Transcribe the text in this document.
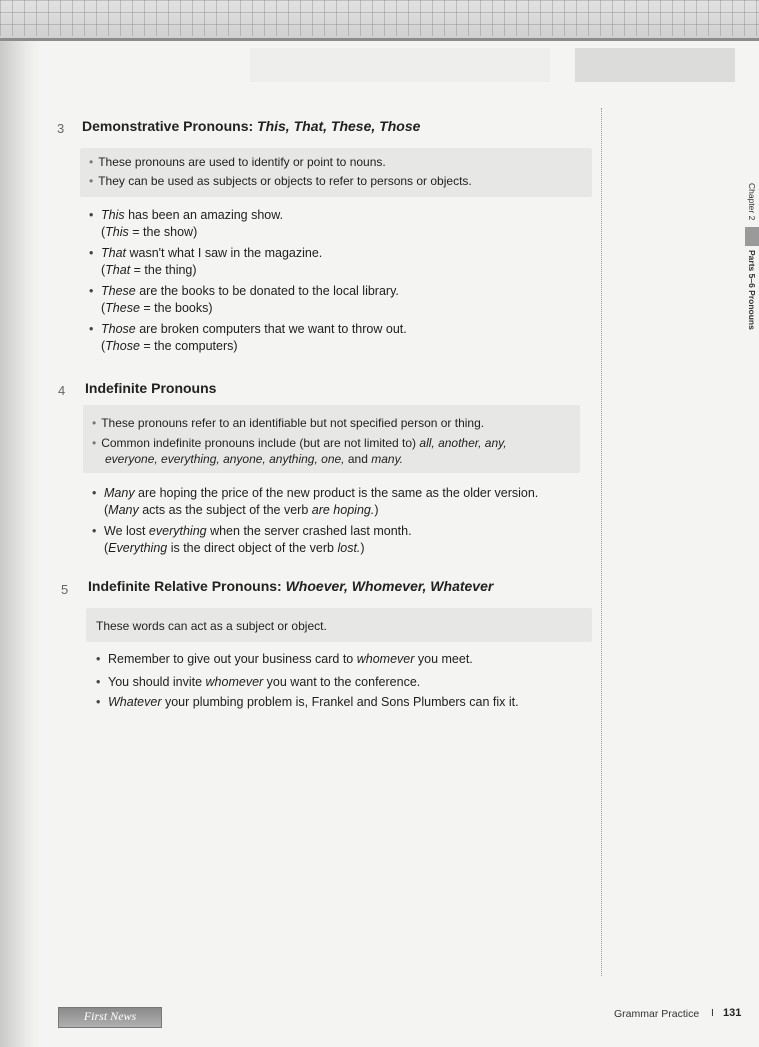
Chapter 2
Parts 5–6 Pronouns
3 Demonstrative Pronouns: This, That, These, Those
• These pronouns are used to identify or point to nouns.
• They can be used as subjects or objects to refer to persons or objects.
• This has been an amazing show.
(This = the show)
• That wasn't what I saw in the magazine.
(That = the thing)
• These are the books to be donated to the local library.
(These = the books)
• Those are broken computers that we want to throw out.
(Those = the computers)
4 Indefinite Pronouns
• These pronouns refer to an identifiable but not specified person or thing.
• Common indefinite pronouns include (but are not limited to) all, another, any,
everyone, everything, anyone, anything, one, and many.
• Many are hoping the price of the new product is the same as the older version.
(Many acts as the subject of the verb are hoping.)
• We lost everything when the server crashed last month.
(Everything is the direct object of the verb lost.)
5 Indefinite Relative Pronouns: Whoever, Whomever, Whatever
These words can act as a subject or object.
• Remember to give out your business card to whomever you meet.
• You should invite whomever you want to the conference.
• Whatever your plumbing problem is, Frankel and Sons Plumbers can fix it.
First News	Grammar Practice I 131
